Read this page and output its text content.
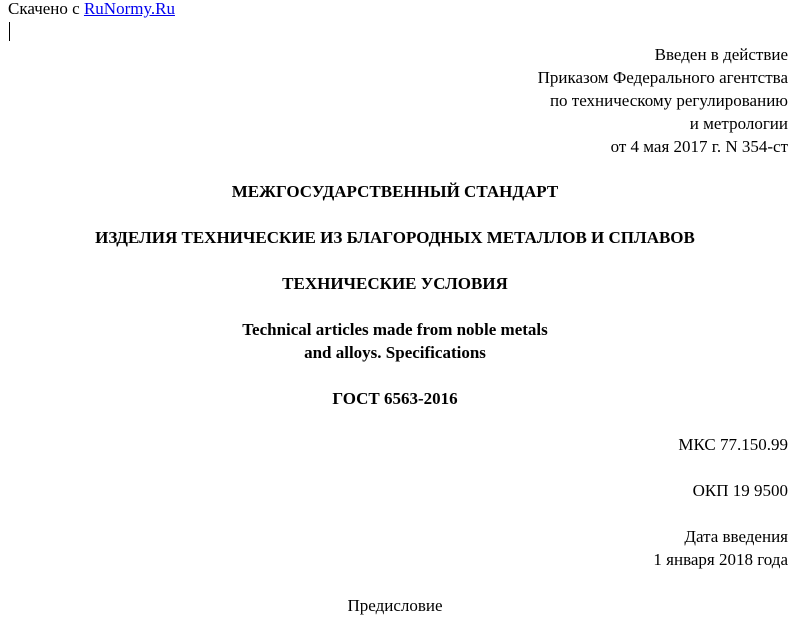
Скачено с RuNormy.Ru
Введен в действие
Приказом Федерального агентства
по техническому регулированию
и метрологии
от 4 мая 2017 г. N 354-ст
МЕЖГОСУДАРСТВЕННЫЙ СТАНДАРТ
ИЗДЕЛИЯ ТЕХНИЧЕСКИЕ ИЗ БЛАГОРОДНЫХ МЕТАЛЛОВ И СПЛАВОВ
ТЕХНИЧЕСКИЕ УСЛОВИЯ
Technical articles made from noble metals
and alloys. Specifications
ГОСТ 6563-2016
МКС 77.150.99
ОКП 19 9500
Дата введения
1 января 2018 года
Предисловие
